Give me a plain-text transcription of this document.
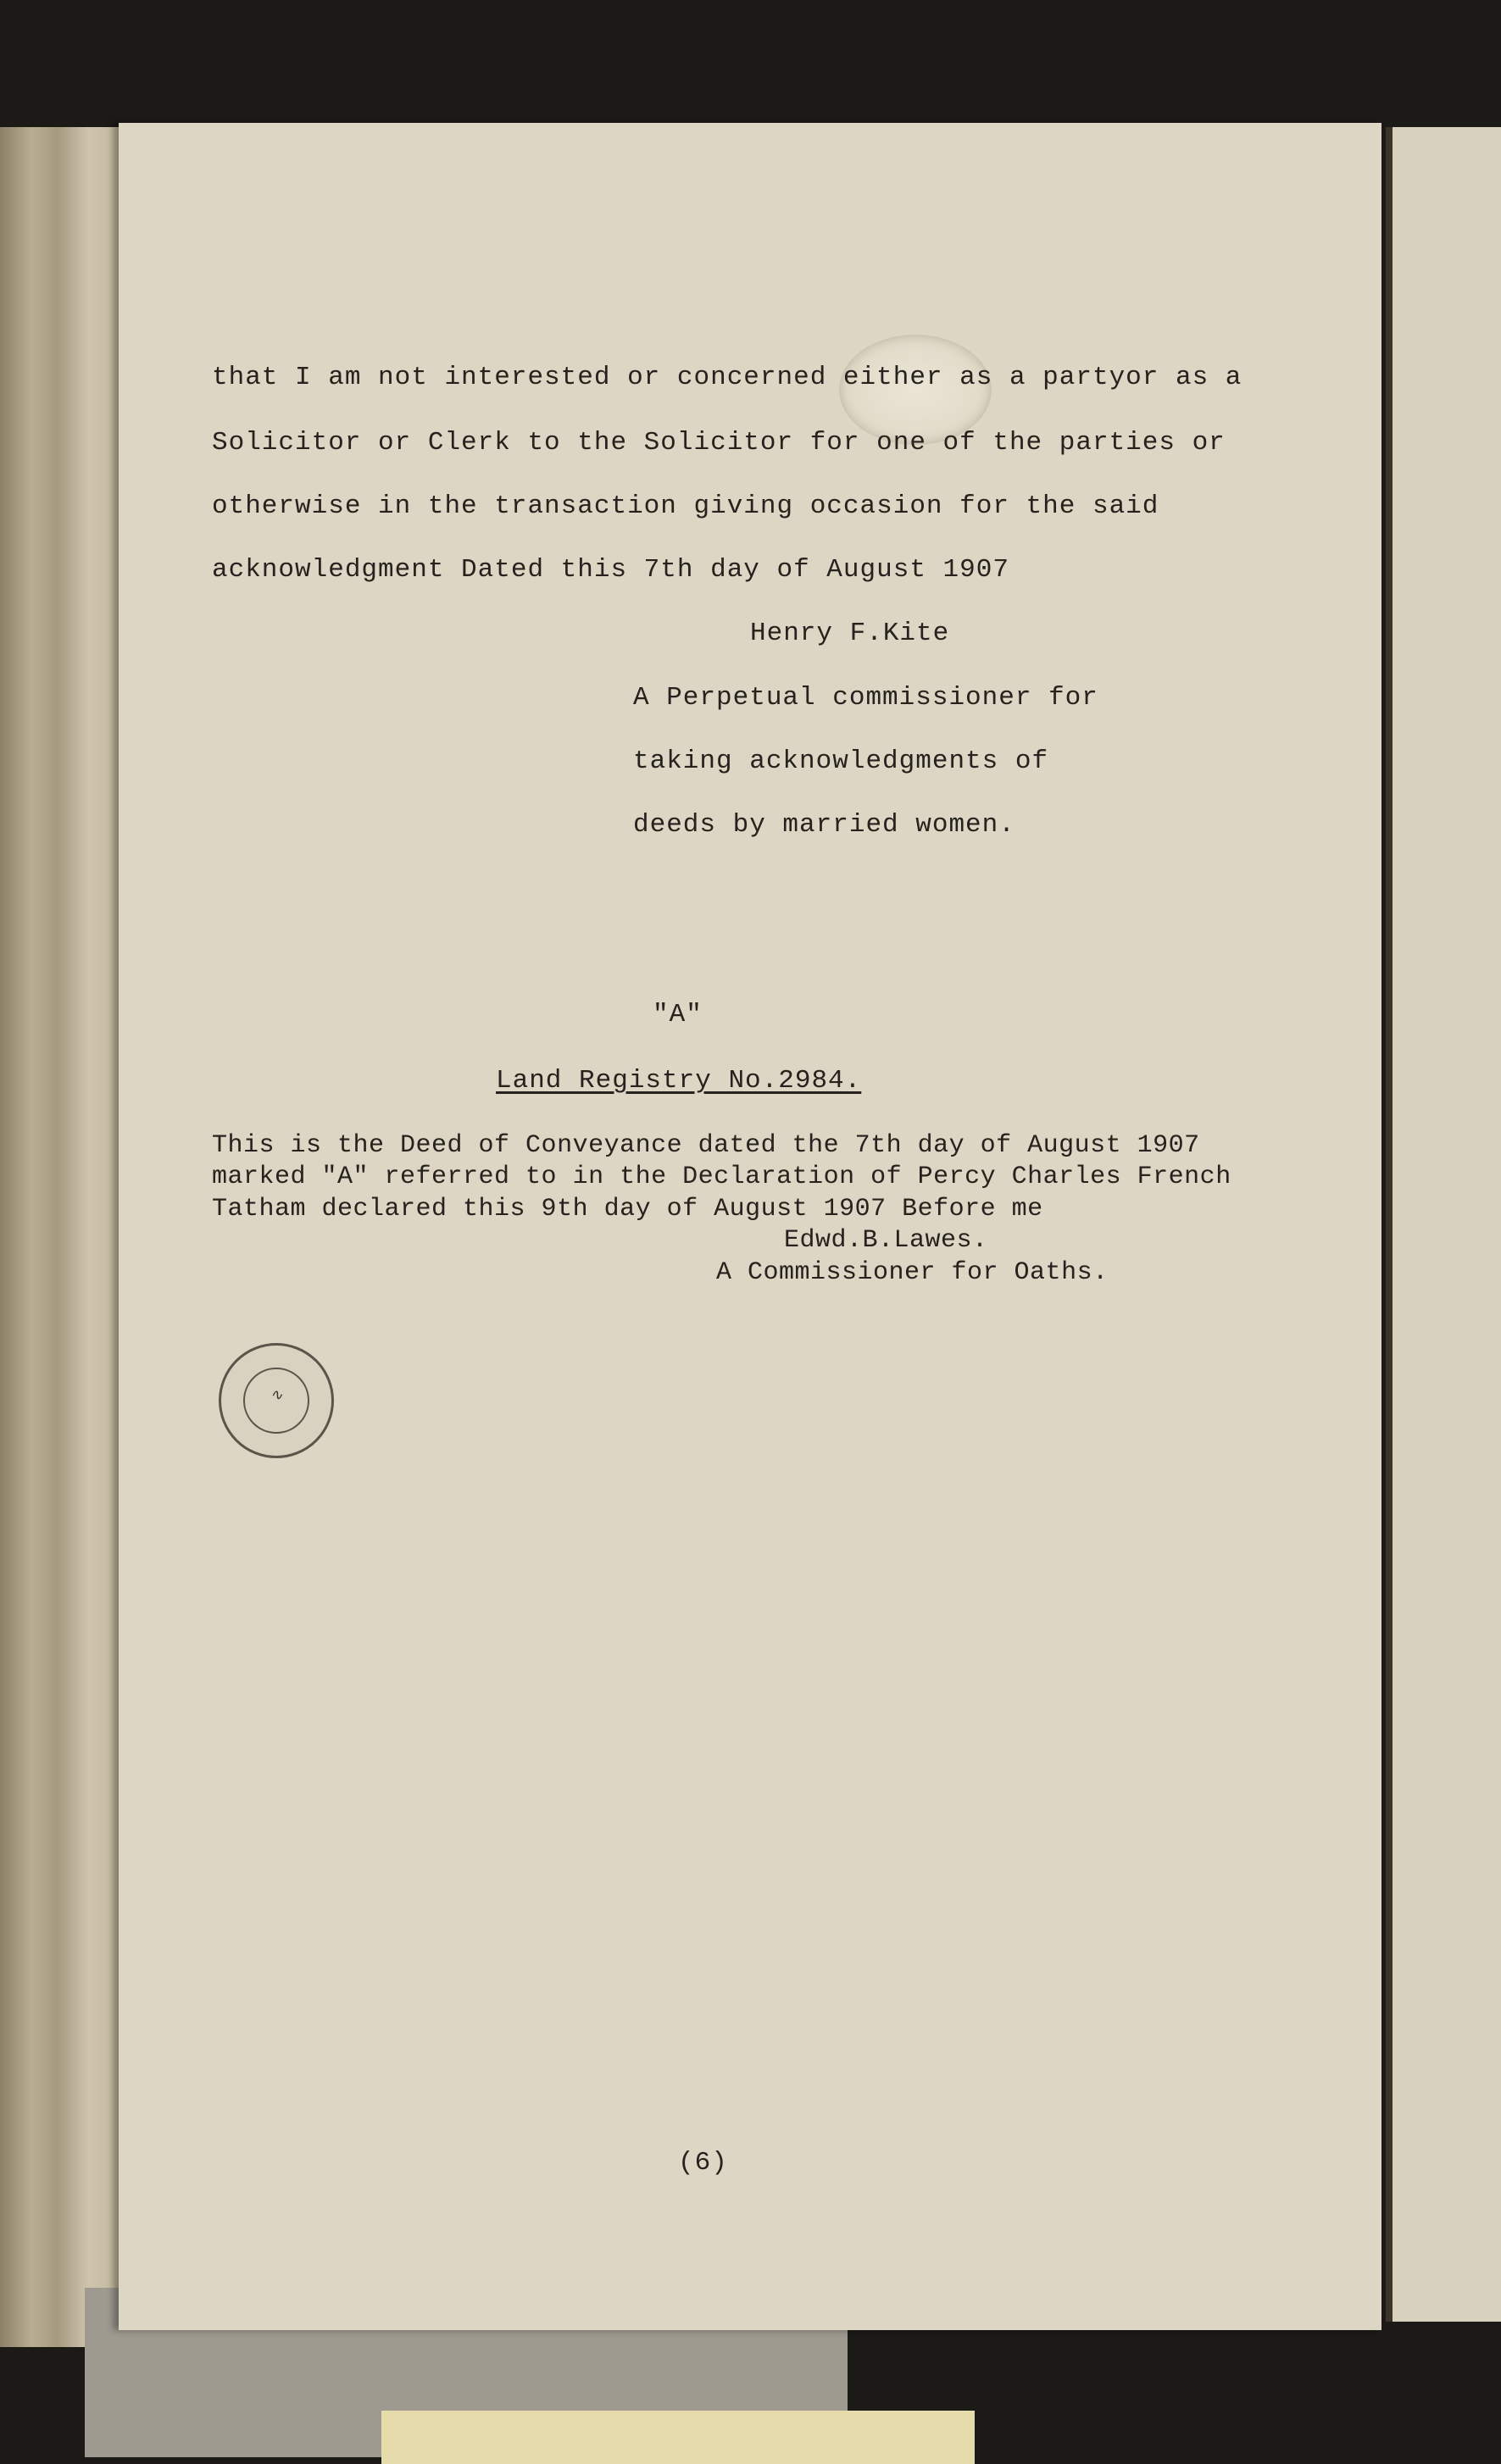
that I am not interested or concerned either as a partyor as a
Solicitor or Clerk to the Solicitor for one of the parties or
otherwise in the transaction giving occasion for the said
acknowledgment Dated this 7th day of August 1907
Henry F.Kite
A Perpetual commissioner for
taking acknowledgments of
deeds by married women.
"A"
Land Registry No.2984.
This is the Deed of Conveyance dated the 7th day of August 1907
marked "A" referred to in the Declaration of Percy Charles French
Tatham declared this 9th day of August 1907 Before me
Edwd.B.Lawes.
A Commissioner for Oaths.
∿
(6)
